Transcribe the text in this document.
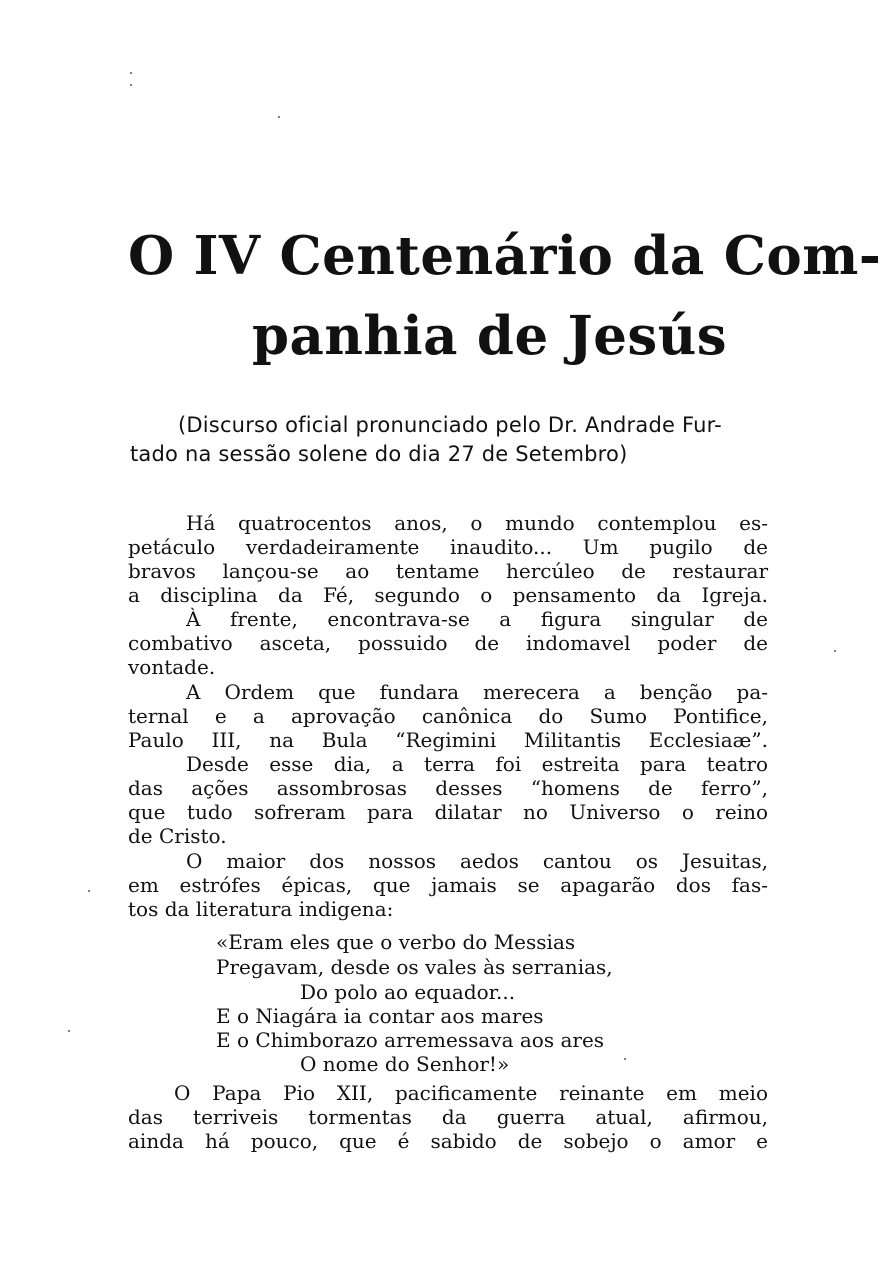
O IV Centenário da Com-
panhia de Jesús
(Discurso oficial pronunciado pelo Dr. Andrade Fur-
tado na sessão solene do dia 27 de Setembro)
Há quatrocentos anos, o mundo contemplou es-
petáculo verdadeiramente inaudito... Um pugilo de
bravos lançou-se ao tentame hercúleo de restaurar
a disciplina da Fé, segundo o pensamento da Igreja.
À frente, encontrava-se a figura singular de
combativo asceta, possuido de indomavel poder de
vontade.
A Ordem que fundara merecera a benção pa-
ternal e a aprovação canônica do Sumo Pontifice,
Paulo III, na Bula “Regimini Militantis Ecclesiaæ”.
Desde esse dia, a terra foi estreita para teatro
das ações assombrosas desses “homens de ferro”,
que tudo sofreram para dilatar no Universo o reino
de Cristo.
O maior dos nossos aedos cantou os Jesuitas,
em estrófes épicas, que jamais se apagarão dos fas-
tos da literatura indigena:
«Eram eles que o verbo do Messias
Pregavam, desde os vales às serranias,
Do polo ao equador...
E o Niagára ia contar aos mares
E o Chimborazo arremessava aos ares
O nome do Senhor!»
O Papa Pio XII, pacificamente reinante em meio
das terriveis tormentas da guerra atual, afirmou,
ainda há pouco, que é sabido de sobejo o amor e
